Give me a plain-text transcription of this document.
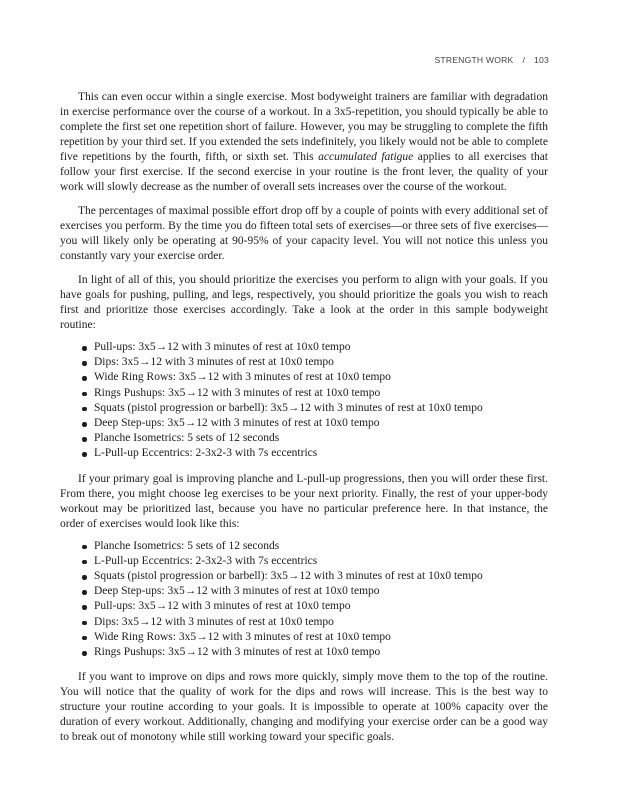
STRENGTH WORK / 103

This can even occur within a single exercise. Most bodyweight trainers are familiar with degradation in exercise performance over the course of a workout. In a 3x5-repetition, you should typically be able to complete the first set one repetition short of failure. However, you may be struggling to complete the fifth repetition by your third set. If you extended the sets indefinitely, you likely would not be able to complete five repetitions by the fourth, fifth, or sixth set. This accumulated fatigue applies to all exercises that follow your first exercise. If the second exercise in your routine is the front lever, the quality of your work will slowly decrease as the number of overall sets increases over the course of the workout.

The percentages of maximal possible effort drop off by a couple of points with every additional set of exercises you perform. By the time you do fifteen total sets of exercises—or three sets of five exercises—you will likely only be operating at 90-95% of your capacity level. You will not notice this unless you constantly vary your exercise order.

In light of all of this, you should prioritize the exercises you perform to align with your goals. If you have goals for pushing, pulling, and legs, respectively, you should prioritize the goals you wish to reach first and prioritize those exercises accordingly. Take a look at the order in this sample bodyweight routine:

Pull-ups: 3x5→12 with 3 minutes of rest at 10x0 tempo
Dips: 3x5→12 with 3 minutes of rest at 10x0 tempo
Wide Ring Rows: 3x5→12 with 3 minutes of rest at 10x0 tempo
Rings Pushups: 3x5→12 with 3 minutes of rest at 10x0 tempo
Squats (pistol progression or barbell): 3x5→12 with 3 minutes of rest at 10x0 tempo
Deep Step-ups: 3x5→12 with 3 minutes of rest at 10x0 tempo
Planche Isometrics: 5 sets of 12 seconds
L-Pull-up Eccentrics: 2-3x2-3 with 7s eccentrics

If your primary goal is improving planche and L-pull-up progressions, then you will order these first. From there, you might choose leg exercises to be your next priority. Finally, the rest of your upper-body workout may be prioritized last, because you have no particular preference here. In that instance, the order of exercises would look like this:

Planche Isometrics: 5 sets of 12 seconds
L-Pull-up Eccentrics: 2-3x2-3 with 7s eccentrics
Squats (pistol progression or barbell): 3x5→12 with 3 minutes of rest at 10x0 tempo
Deep Step-ups: 3x5→12 with 3 minutes of rest at 10x0 tempo
Pull-ups: 3x5→12 with 3 minutes of rest at 10x0 tempo
Dips: 3x5→12 with 3 minutes of rest at 10x0 tempo
Wide Ring Rows: 3x5→12 with 3 minutes of rest at 10x0 tempo
Rings Pushups: 3x5→12 with 3 minutes of rest at 10x0 tempo

If you want to improve on dips and rows more quickly, simply move them to the top of the routine. You will notice that the quality of work for the dips and rows will increase. This is the best way to structure your routine according to your goals. It is impossible to operate at 100% capacity over the duration of every workout. Additionally, changing and modifying your exercise order can be a good way to break out of monotony while still working toward your specific goals.
